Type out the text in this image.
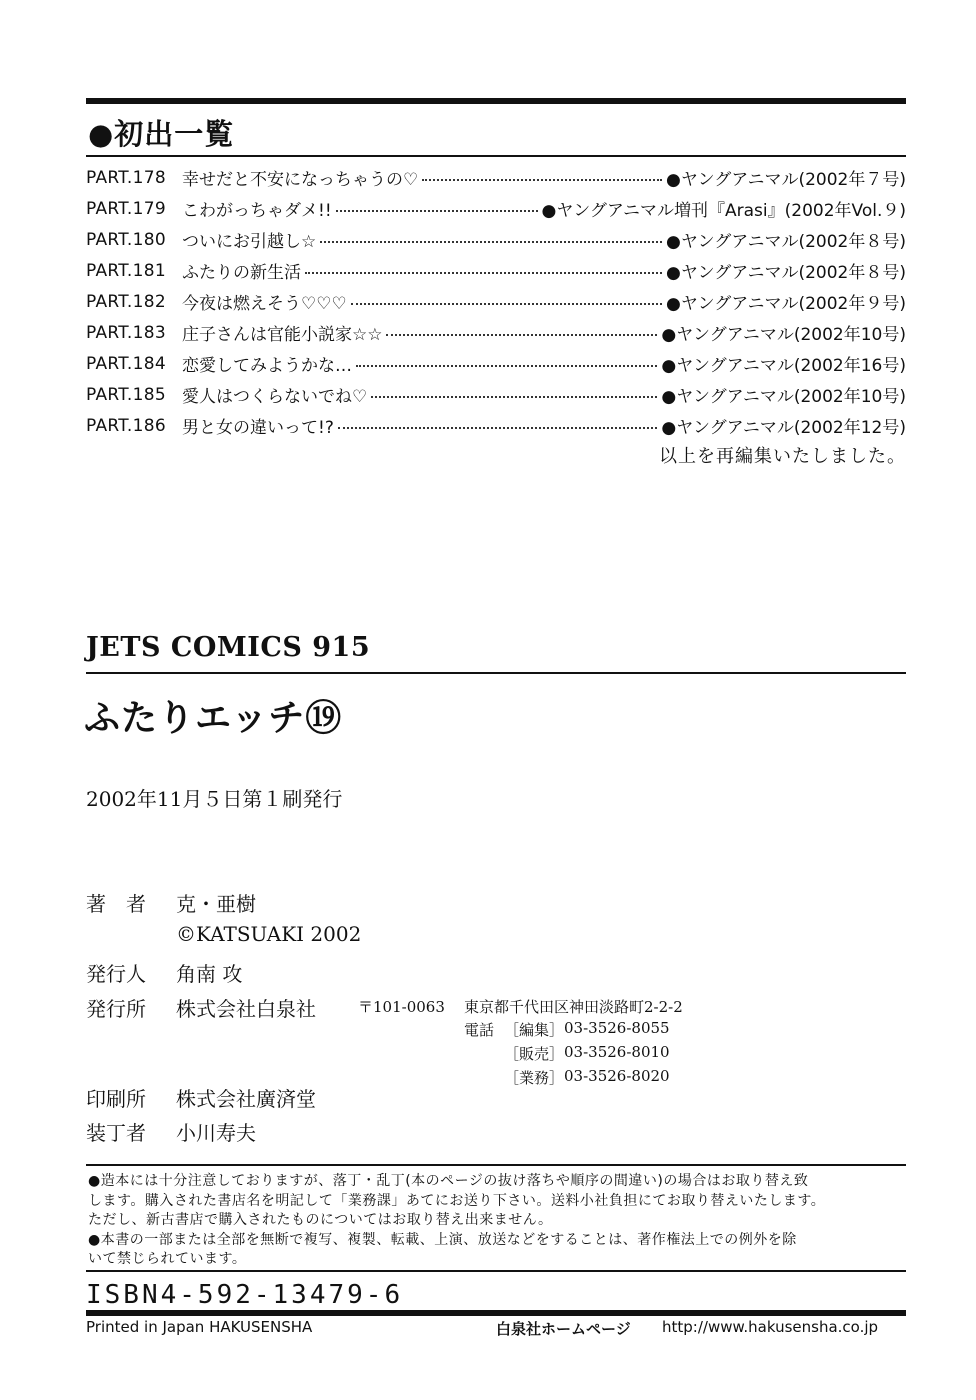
●初出一覧
PART.178 幸せだと不安になっちゃうの♡	●ヤングアニマル(2002年７号)
PART.179 こわがっちゃダメ!!	●ヤングアニマル増刊『Arasi』(2002年Vol.９)
PART.180 ついにお引越し☆	●ヤングアニマル(2002年８号)
PART.181 ふたりの新生活	●ヤングアニマル(2002年８号)
PART.182 今夜は燃えそう♡♡♡	●ヤングアニマル(2002年９号)
PART.183 庄子さんは官能小説家☆☆	●ヤングアニマル(2002年10号)
PART.184 恋愛してみようかな…	●ヤングアニマル(2002年16号)
PART.185 愛人はつくらないでね♡	●ヤングアニマル(2002年10号)
PART.186 男と女の違いって!?	●ヤングアニマル(2002年12号)
以上を再編集いたしました。
JETS COMICS 915
ふたりエッチ⑲
2002年11月５日第１刷発行
著　者 克・亜樹
©KATSUAKI 2002
発行人 角南 攻
発行所 株式会社白泉社	〒101-0063 東京都千代田区神田淡路町2-2-2
電話 ［編集］ 03-3526-8055
［販売］ 03-3526-8010
［業務］ 03-3526-8020
印刷所 株式会社廣済堂
装丁者 小川寿夫

●造本には十分注意しておりますが、落丁・乱丁(本のページの抜け落ちや順序の間違い)の場合はお取り替え致

します。購入された書店名を明記して「業務課」あてにお送り下さい。送料小社負担にてお取り替えいたします。

ただし、新古書店で購入されたものについてはお取り替え出来ません。

●本書の一部または全部を無断で複写、複製、転載、上演、放送などをすることは、著作権法上での例外を除

いて禁じられています。

ISBN4-592-13479-6
Printed in Japan HAKUSENSHA	白泉社ホームページ http://www.hakusensha.co.jp
